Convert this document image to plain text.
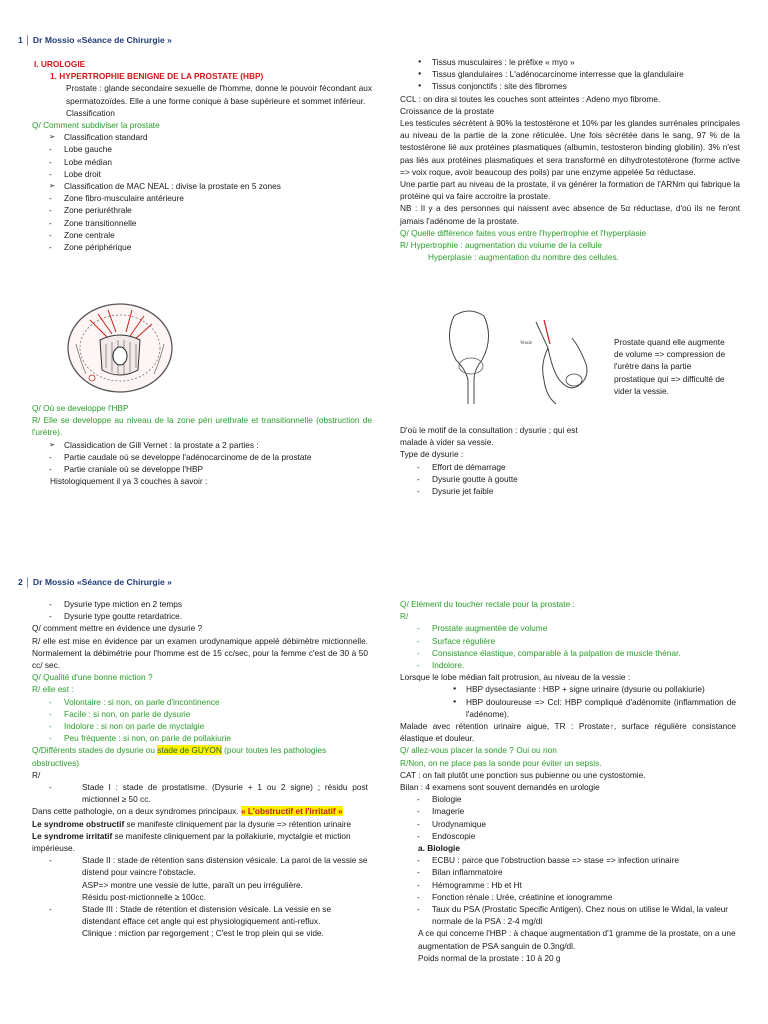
1 │ Dr Mossio «Séance de Chirurgie »
I. UROLOGIE
1. HYPERTROPHIE BENIGNE DE LA PROSTATE (HBP)
Prostate : glande secondaire sexuelle de l'homme, donne le pouvoir fécondant aux spermatozoïdes. Elle a une forme conique à base supérieure et sommet inférieur.
Classification
Q/ Comment subdiviser la prostate
➢ Classification standard
- Lobe gauche
- Lobe médian
- Lobe droit
➢ Classification de MAC NEAL : divise la prostate en 5 zones
- Zone fibro-musculaire antérieure
- Zone periuréthrale
- Zone transitionnelle
- Zone centrale
- Zone périphérique
Q/ Où se developpe l'HBP
R/ Elle se developpe au niveau de la zone péri urethrale et transitionnelle (obstruction de l'urètre).
➢ Classidication de Gill Vernet : la prostate a 2 parties :
- Partie caudale où se developpe l'adénocarcinome de de la prostate
- Partie craniale où se developpe l'HBP
Histologiquement il ya 3 couches à savoir :
● Tissus musculaires : le préfixe « myo »
● Tissus glandulaires : L'adénocarcinome interresse que la glandulaire
● Tissus conjonctifs : site des fibromes
CCL : on dira si toutes les couches sont atteintes : Adeno myo fibrome.
Croissance de la prostate
Les testicules sécrètent à 90% la testostérone et 10% par les glandes surrénales principales au niveau de la partie de la zone réticulée. Une fois sécrétée dans le sang, 97 % de la testostérone lié aux protéines plasmatiques (albumin, testosteron binding globilin). 3% n'est pas liés aux protéines plasmatiques et sera transformé en dihydrotestotérone (forme active => voix roque, avoir beaucoup des poils) par une enzyme appelée 5α réductase.
Une partie part au niveau de la prostate, il va générer la formation de l'ARNm qui fabrique la protéine qui va faire accroitre la prostate.
NB : Il y a des personnes qui naissent avec absence de 5α réductase, d'où ils ne feront jamais l'adénome de la prostate.
Q/ Quelle différence faites vous entre l'hypertrophie et l'hyperplasie
R/ Hypertrophie : augmentation du volume de la cellule
Hyperplasie : augmentation du nombre des cellules.
Vessie	Prostate quand elle augmente de volume => compression de l'urètre dans la partie prostatique qui => difficulté de vider la vessie.
D'où le motif de la consultation : dysurie ; qui est
malade à vider sa vessie.
Type de dysurie :
- Effort de démarrage
- Dysurie goutte à goutte
- Dysurie jet faible
2 │ Dr Mossio «Séance de Chirurgie »
- Dysurie type miction en 2 temps
- Dysurie type goutte retardatrice.
Q/ comment mettre en évidence une dysurie ?
R/ elle est mise en évidence par un examen urodynamique appelé débimètre mictionnelle. Normalement la débimétrie pour l'homme est de 15 cc/sec, pour la femme c'est de 30 à 50 cc/ sec.
Q/ Qualité d'une bonne miction ?
R/ elle est :
- Volontaire : si non, on parle d'incontinence
- Facile : si non, on parle de dysurie
- Indolore : si non on parle de myctalgie
- Peu fréquente : si non, on parle de pollakiurie
Q/Différents stades de dysurie ou stade de GUYON (pour toutes les pathologies obstructives)
R/
- Stade I : stade de prostatisme. (Dysurie + 1 ou 2 signe) ; résidu post mictionnel ≥ 50 cc.
Dans cette pathologie, on a deux syndromes principaux. « L'obstructif et l'irritatif »
Le syndrome obstructif se manifeste cliniquement par la dysurie => rétention urinaire
Le syndrome irritatif se manifeste cliniquement par la pollakiurie, myctalgie et miction impérieuse.
- Stade II : stade de rétention sans distension vésicale. La paroi de la vessie se distend pour vaincre l'obstacle.
ASP=> montre une vessie de lutte, paraît un peu irrégulière.
Résidu post-mictionnelle ≥ 100cc.
- Stade III : Stade de rétention et distension vésicale. La vessie en se distendant efface cet angle qui est physiologiquement anti-reflux.
Clinique : miction par regorgement ; C'est le trop plein qui se vide.
Q/ Elément du toucher rectale pour la prostate :
R/
- Prostate augmentée de volume
- Surface régulière
- Consistance élastique, comparable à la palpation de muscle thénar.
- Indolore.
Lorsque le lobe médian fait protrusion, au niveau de la vessie :
● HBP dysectasiante : HBP + signe urinaire (dysurie ou pollakiurie)
● HBP douloureuse => Ccl: HBP compliqué d'adénomite (inflammation de l'adénome).
Malade avec rétention urinaire aigue, TR : Prostate↑, surface régulière consistance élastique et douleur.
Q/ allez-vous placer la sonde ? Oui ou non
R/Non, on ne place pas la sonde pour éviter un sepsis.
CAT : on fait plutôt une ponction sus pubienne ou une cystostomie.
Bilan : 4 examens sont souvent demandés en urologie
- Biologie
- Imagerie
- Urodynamique
- Endoscopie
a. Biologie
- ECBU : parce que l'obstruction basse => stase => infection urinaire
- Bilan inflammatoire
- Hémogramme : Hb et Ht
- Fonction rénale : Urée, créatinine et ionogramme
- Taux du PSA (Prostatic Specific Antigen). Chez nous on utilise le Widal, la valeur normale de la PSA : 2-4 mg/dl
A ce qui concerne l'HBP : à chaque augmentation d'1 gramme de la prostate, on a une augmentation de PSA sanguin de 0.3ng/dl.
Poids normal de la prostate : 10 à 20 g
